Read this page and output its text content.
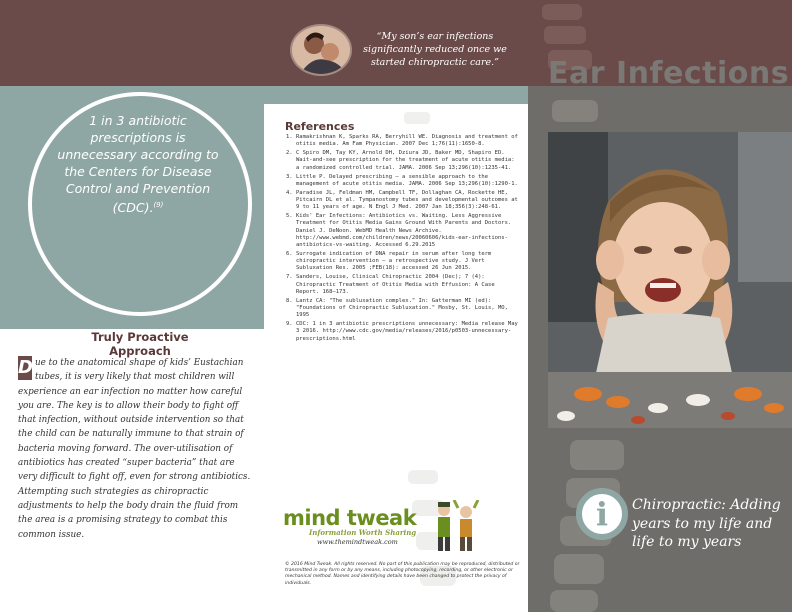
“My son’s ear infections significantly reduced once we started chiropractic care.”	Ear Infections
1 in 3 antibiotic prescriptions is unnecessary according to the Centers for Disease Control and Prevention (CDC).$^{(9)}$
Truly Proactive Approach
D ue to the anatomical shape of kids’ Eustachian tubes, it is very likely that most children will experience an ear infection no matter how careful you are. The key is to allow their body to fight off that infection, without outside intervention so that the child can be naturally immune to that strain of bacteria moving forward. The over-utilisation of antibiotics has created “super bacteria” that are very difficult to fight off, even for strong antibiotics. Attempting such strategies as chiropractic adjustments to help the body drain the fluid from the area is a promising strategy to combat this common issue.
References
1. Ramakrishnan K, Sparks RA, Berryhill WE. Diagnosis and treatment of otitis media. Am Fam Physician. 2007 Dec 1;76(11):1650-8.
2. C Spiro DM, Tay KY, Arnold DH, Dziura JD, Baker MD, Shapiro ED. Wait-and-see prescription for the treatment of acute otitis media: a randomized controlled trial. JAMA. 2006 Sep 13;296(10):1235-41.
3. Little P. Delayed prescribing – a sensible approach to the management of acute otitis media. JAMA. 2006 Sep 13;296(10):1290-1.
4. Paradise JL, Feldman HM, Campbell TF, Dollaghan CA, Rockette HE, Pitcairn DL et al. Tympanostomy tubes and developmental outcomes at 9 to 11 years of age. N Engl J Med. 2007 Jan 18;356(3):248-61.
5. Kids' Ear Infections: Antibiotics vs. Waiting. Less Aggressive Treatment for Otitis Media Gains Ground With Parents and Doctors. Daniel J. DeNoon. WebMD Health News Archive. http://www.webmd.com/children/news/20060606/kids-ear-infections-antibiotics-vs-waiting. Accessed 6.29.2015
6. Surrogate indication of DNA repair in serum after long term chiropractic intervention – a retrospective study. J Vert Subluxation Res. 2005 ;FEB(18): accessed 26 Jun 2015.
7. Sanders, Louise, Clinical Chiropractic 2004 (Dec); 7 (4): Chiropractic Treatment of Otitis Media with Effusion: A Case Report. 168–173.
8. Lantz CA: "The subluxation complex." In: Gatterman MI (ed): "Foundations of Chiropractic Subluxation." Mosby, St. Louis, MO, 1995
9. CDC: 1 in 3 antibiotic prescriptions unnecessary: Media release May 3 2016. http://www.cdc.gov/media/releases/2016/p0503-unnecessary-prescriptions.html
mind tweak
Information Worth Sharing
www.themindtweak.com
© 2016 Mind Tweak. All rights reserved. No part of this publication may be reproduced, distributed or transmitted in any form or by any means, including photocopying, recording, or other electronic or mechanical method. Names and identifying details have been changed to protect the privacy of individuals.
i	Chiropractic: Adding years to my life and life to my years
